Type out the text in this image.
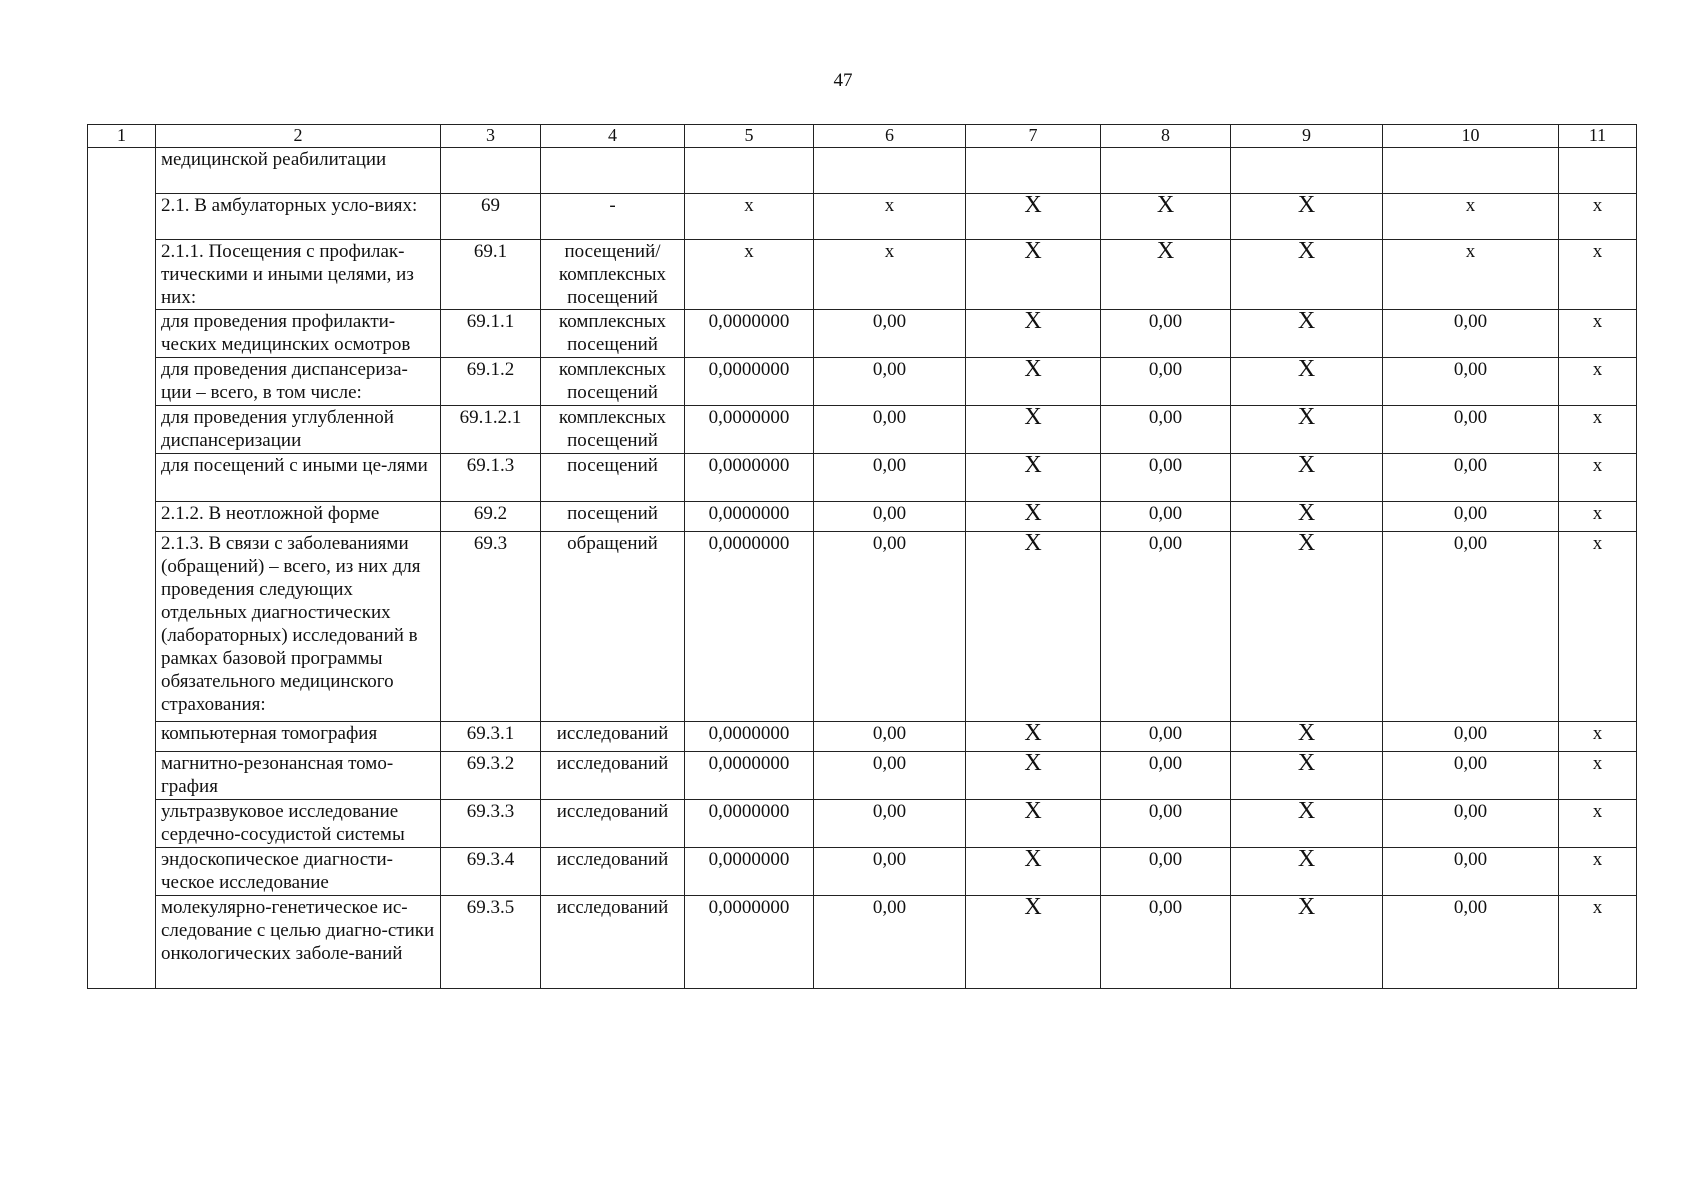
47
1	2	3	4	5	6	7	8	9	10	11
	медицинской реабилитации									
	2.1. В амбулаторных усло-виях:	69	-	х	х	Х	Х	Х	х	х
	2.1.1. Посещения с профилак-тическими и иными целями, из них:	69.1	посещений/ комплексных посещений	х	х	Х	Х	Х	х	х
	для проведения профилакти-ческих медицинских осмотров	69.1.1	комплексных посещений	0,0000000	0,00	Х	0,00	Х	0,00	х
	для проведения диспансериза-ции – всего, в том числе:	69.1.2	комплексных посещений	0,0000000	0,00	Х	0,00	Х	0,00	х
	для проведения углубленной диспансеризации	69.1.2.1	комплексных посещений	0,0000000	0,00	Х	0,00	Х	0,00	х
	для посещений с иными це-лями	69.1.3	посещений	0,0000000	0,00	Х	0,00	Х	0,00	х
	2.1.2. В неотложной форме	69.2	посещений	0,0000000	0,00	Х	0,00	Х	0,00	х
	2.1.3. В связи с заболеваниями (обращений) – всего, из них для проведения следующих отдельных диагностических (лабораторных) исследований в рамках базовой программы обязательного медицинского страхования:	69.3	обращений	0,0000000	0,00	Х	0,00	Х	0,00	х
	компьютерная томография	69.3.1	исследований	0,0000000	0,00	Х	0,00	Х	0,00	х
	магнитно-резонансная томо-графия	69.3.2	исследований	0,0000000	0,00	Х	0,00	Х	0,00	х
	ультразвуковое исследование сердечно-сосудистой системы	69.3.3	исследований	0,0000000	0,00	Х	0,00	Х	0,00	х
	эндоскопическое диагности-ческое исследование	69.3.4	исследований	0,0000000	0,00	Х	0,00	Х	0,00	х
	молекулярно-генетическое ис-следование с целью диагно-стики онкологических заболе-ваний	69.3.5	исследований	0,0000000	0,00	Х	0,00	Х	0,00	х
